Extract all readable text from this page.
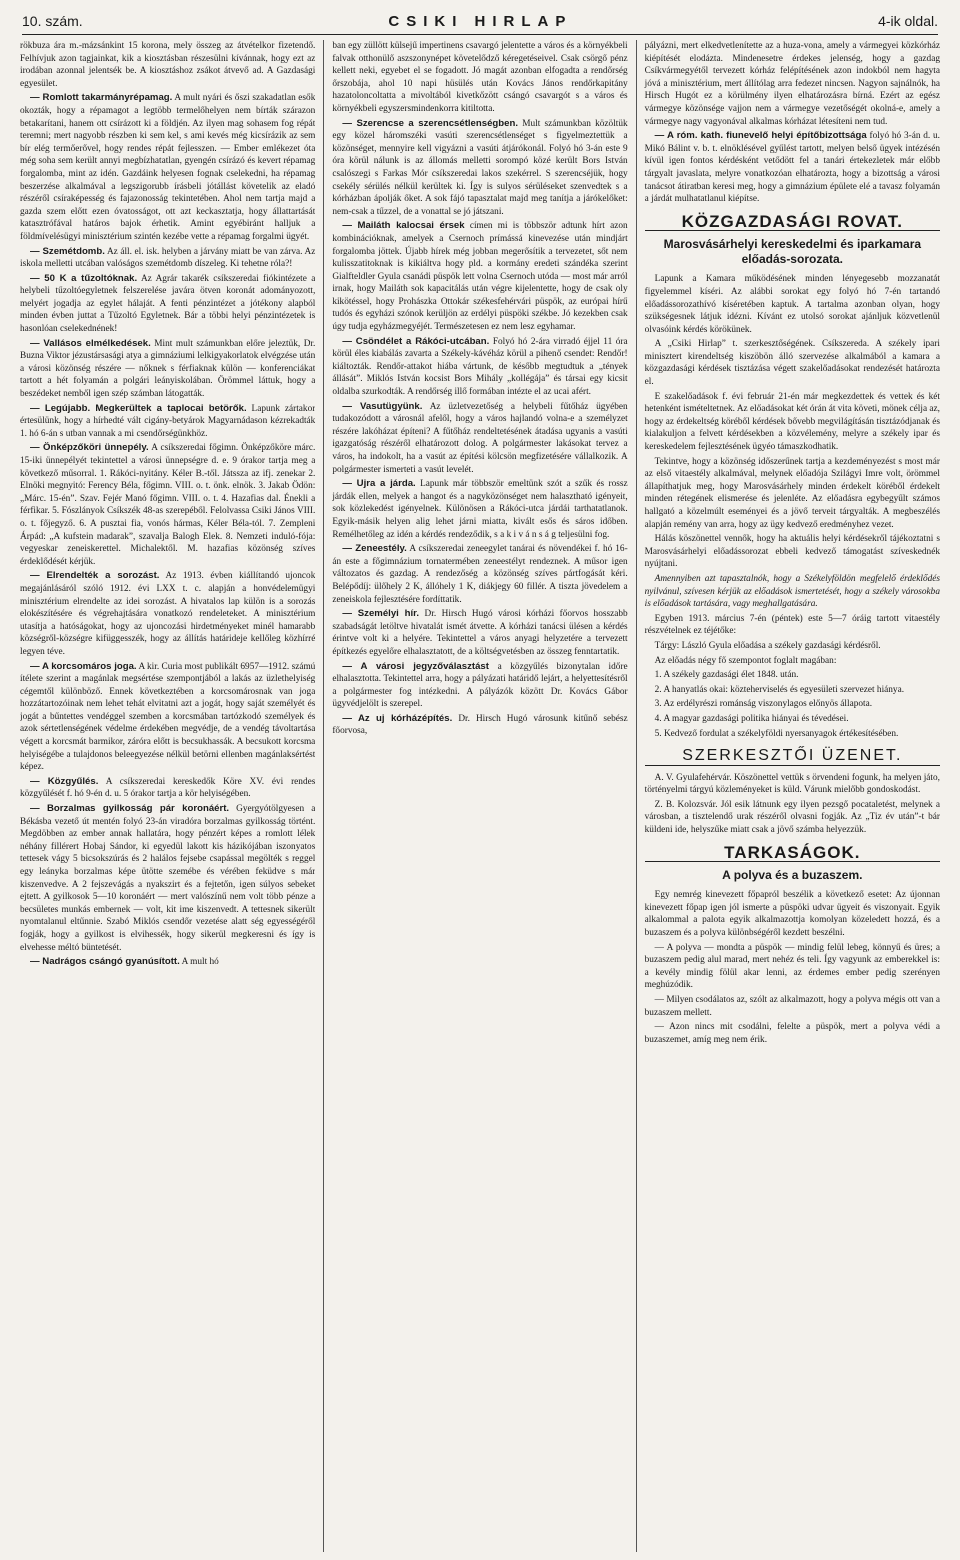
10. szám.	CSIKI HIRLAP	4-ik oldal.

rökbuza ára m.-mázsánkint 15 korona, mely összeg az átvételkor fizetendő. Felhívjuk azon tagjainkat, kik a kiosztásban részesülni kívánnak, hogy ezt az irodában azonnal jelentsék be. A kiosztáshoz zsákot átvevő ad. A Gazdasági egyesület.

— Romlott takarmányrépamag. A mult nyári és őszi szakadatlan esők okozták, hogy a répamagot a legtöbb termelőhelyen nem bírták szárazon betakarítani, hanem ott csírázott ki a földjén. Az ilyen mag sohasem fog répát teremni; mert nagyobb részben ki sem kel, s ami kevés még kicsírázik az sem bír elég termőerővel, hogy rendes répát fejlesszen. — Ember emlékezet óta még soha sem került annyi megbízhatatlan, gyengén csírázó és kevert répamag forgalomba, mint az idén. Gazdáink helyesen fognak cselekedni, ha répamag beszerzése alkalmával a legszigorubb írásbeli jótállást követelik az eladó részéről csíraképesség és fajazonosság tekintetében. Ahol nem tartja majd a gazda szem előtt ezen óvatosságot, ott azt keckasztatja, hogy állattartását katasztrófával határos bajok érhetik. Amint egyébiránt halljuk a földmívelésügyi minisztérium szintén kezébe vette a répamag forgalmi ügyét.

— Szemétdomb. Az áll. el. isk. helyben a járvány miatt be van zárva. Az iskola melletti utcában valóságos szemétdomb díszeleg. Ki tehetne róla?!

— 50 K a tűzoltóknak. Az Agrár takarék csíkszeredai fiókintézete a helybeli tűzoltóegyletnek felszerelése javára ötven koronát adományozott, melyért jogadja az egylet hálaját. A fenti pénzintézet a jótékony alapból minden évben juttat a Tűzoltó Egyletnek. Bár a többi helyi pénzintézetek is hasonlóan cselekednének!

— Vallásos elmélkedések. Mint mult számunkban előre jeleztük, Dr. Buzna Viktor jézustársasági atya a gimnáziumi lelkigyakorlatok elvégzése után a városi közönség részére — nőknek s férfiaknak külön — konferenciákat tartott a hét folyamán a polgári leányiskolában. Örömmel láttuk, hogy a beszédeket nemből igen szép számban látogatták.

— Legújabb. Megkerültek a taplocai betörők. Lapunk zártakor értesülünk, hogy a hírhedté vált cigány-betyárok Magyarnádason kézrekadták 1. hó 6-án s utban vannak a mi csendőrségünkhöz.

— Önképzőköri ünnepély. A csíkszeredai főgimn. Önképzőköre márc. 15-iki ünnepélyét tekintettel a városi ünnepségre d. e. 9 órakor tartja meg a következő műsorral. 1. Rákóci-nyitány. Kéler B.-től. Játssza az ifj. zenekar 2. Elnöki megnyitó: Ferency Béla, főgimn. VIII. o. t. önk. elnök. 3. Jakab Ödön: „Márc. 15-én”. Szav. Fejér Manó főgimn. VIII. o. t. 4. Hazafias dal. Énekli a férfikar. 5. Fószlányok Csíkszék 48-as szerepéből. Felolvassa Csiki János VIII. o. t. főjegyző. 6. A pusztai fia, vonós hármas, Kéler Béla-tól. 7. Zempleni Árpád: „A kufstein madarak”, szavalja Balogh Elek. 8. Nemzeti induló-fója: vegyeskar zeneiskerettel. Michalektől. M. hazafias közönség szíves érdeklődését kérjük.

— Elrendelték a sorozást. Az 1913. évben kiállítandó ujoncok megajánlásáról szóló 1912. évi LXX t. c. alapján a honvédelemügyi minisztérium elrendelte az idei sorozást. A hivatalos lap külön is a sorozás elokészítésére és végrehajtására vonatkozó rendeleteket. A minisztérium utasítja a hatóságokat, hogy az ujoncozási hirdetményeket minél hamarabb községről-községre kifüggesszék, hogy az állítás határideje kellőleg közhírré legyen téve.

— A korcsomáros joga. A kir. Curia most publikált 6957—1912. számú ítélete szerint a magánlak megsértése szempontjából a lakás az üzlethelyiség cégemtől különböző. Ennek következtében a korcsomárosnak van joga hozzátartozóinak nem lehet tehát elvitatni azt a jogát, hogy saját személyét és jogát a bűntettes vendéggel szemben a korcsmában tartózkodó személyek és azok sértetlenségének védelme érdekében megvédje, de a vendég távoltartása végett a korcsmát barmikor, záróra előtt is becsukhassák. A becsukott korcsma helyiségébe a tulajdonos beleegyezése nélkül betörni ellenben magánlaksértést képez.

— Közgyűlés. A csíkszeredai kereskedők Köre XV. évi rendes közgyűlését f. hó 9-én d. u. 5 órakor tartja a kör helyiségében.

— Borzalmas gyilkosság pár koronáért. Gyergyótölgyesen a Békásba vezető út mentén folyó 23-án viradóra borzalmas gyilkosság történt. Megdöbben az ember annak hallatára, hogy pénzért képes a romlott lélek néhány fillérert Hobaj Sándor, ki egyedül lakott kis házikójában iszonyatos tettesek vágy 5 bicsokszúrás és 2 halálos fejsebe csapással megölték s reggel egy leányka borzalmas képe ütötte szemébe és vérében feküdve s már kiszenvedve. A 2 fejszevágás a nyakszirt és a fejtetőn, igen súlyos sebeket ejtett. A gyilkosok 5—10 koronáért — mert valószínű nem volt több pénze a becsületes munkás embernek — volt, kit ime kiszenvedt. A tettesnek sikerült nyomtalanul eltűnnie. Szabó Miklós csendőr vezetése alatt ség egyességéről fogják, hogy a gyilkost is elvihessék, hogy sikerül megkeresni és így is elvehesse méltó büntetését.

— Nadrágos csángó gyanúsított. A mult hó

ban egy züllött külsejű impertinens csavargó jelentette a város és a környékbeli falvak otthonülő aszszonynépet követelődző kéregetéseivel. Csak csörgő pénz kellett neki, egyebet el se fogadott. Jó magát azonban elfogadta a rendőrség őrszobája, ahol 10 napi hüsülés után Kovács János rendőrkapitány hazatoloncoltatta a mivoltából kivetkőzött csángó csavargót s a város és környékbeli egyszersmindenkorra kitiltotta.

— Szerencse a szerencsétlenségben. Mult számunkban közöltük egy közel háromszéki vasúti szerencsétlenséget s figyelmeztettük a közönséget, mennyire kell vigyázni a vasúti átjárókonál. Folyó hó 3-án este 9 óra körül nálunk is az állomás melletti sorompó közé került Bors István csalószegi s Farkas Mór csíkszeredai lakos szekérrel. S szerencséjük, hogy csekély sérülés nélkül kerültek ki. Így is sulyos sérüléseket szenvedtek s a kórházban ápolják őket. A sok fájó tapasztalat majd meg tanítja a járókelőket: nem-csak a tűzzel, de a vonattal se jó játszani.

— Mailáth kalocsai érsek címen mi is többször adtunk hírt azon kombinációknak, amelyek a Csernoch prímássá kinevezése után mindjárt forgalomba jöttek. Újabb hírek még jobban megerősítik a tervezetet, sőt nem kulisszatitoknak is kikiáltva hogy pld. a kormány eredeti szándéka szerint Gialfteldler Gyula csanádi püspök lett volna Csernoch utóda — most már arról irnak, hogy Mailáth sok kapacitálás után végre kijelentette, hogy de csak oly kikötéssel, hogy Prohászka Ottokár székesfehérvári püspök, az európai hírű tudós és egyházi szónok kerüljön az erdélyi püspöki székbe. Jó kezekben csak úgy tudja egyházmegyéjét. Természetesen ez nem lesz egyhamar.

— Csöndélet a Rákóci-utcában. Folyó hó 2-ára virradó éjjel 11 óra körül éles kiabálás zavarta a Székely-kávéház körül a pihenő csendet: Rendőr! kiáltozták. Rendőr-attakot hiába vártunk, de később megtudtuk a „tények állását”. Miklós István kocsist Bors Mihály „kollégája” és társai egy kicsit oldalba szurkodták. A rendőrség illő formában intézte el az ucai afért.

— Vasutügyünk. Az üzletvezetőség a helybeli fűtőház ügyében tudakozódott a városnál afelől, hogy a város hajlandó volna-e a személyzet részére lakóházat építeni? A fűtőház rendeltetésének átadása ugyanis a vasúti igazgatóság részéről elhatározott dolog. A polgármester lakásokat tervez a város, ha indokolt, ha a vasút az építési kölcsön megfizetésére vállalkozik. A polgármester ismerteti a vasút levelét.

— Ujra a járda. Lapunk már többször emeltünk szót a szűk és rossz járdák ellen, melyek a hangot és a nagyközönséget nem halasztható igényeit, sok közlekedést igényelnek. Különösen a Rákóci-utca járdái tarthatatlanok. Egyik-másik helyen alig lehet járni miatta, kivált esős és sáros időben. Remélhetőleg az idén a kérdés rendeződik, s a k i v á n s á g teljesülni fog.

— Zeneestély. A csíkszeredai zeneegylet tanárai és növendékei f. hó 16-án este a főgimnázium tornatermében zeneestélyt rendeznek. A műsor igen változatos és gazdag. A rendezőség a közönség szíves pártfogását kéri. Belépődíj: ülőhely 2 K, állóhely 1 K, diákjegy 60 fillér. A tiszta jövedelem a zeneiskola fejlesztésére fordíttatik.

— Személyi hír. Dr. Hirsch Hugó városi kórházi főorvos hosszabb szabadságát letöltve hivatalát ismét átvette. A kórházi tanácsi ülésen a kérdés érintve volt ki a helyére. Tekintettel a város anyagi helyzetére a tervezett építkezés egyelőre elhalasztatott, de a költségvetésben az összeg fenntartatik.

— A városi jegyzőválasztást a közgyűlés bizonytalan időre elhalasztotta. Tekintettel arra, hogy a pályázati határidő lejárt, a helyettesítésről a polgármester fog intézkedni. A pályázók között Dr. Kovács Gábor ügyvédjelölt is szerepel.

— Az uj kórházépítés. Dr. Hirsch Hugó városunk kitűnő sebész főorvosa,

pályázni, mert elkedvetlenítette az a huza-vona, amely a vármegyei közkórház kiépítését elodázta. Mindenesetre érdekes jelenség, hogy a gazdag Csíkvármegyétől tervezett kórház felépítésének azon indokból nem hagyta jóvá a minisztérium, mert állítólag arra fedezet nincsen. Nagyon sajnálnók, ha Hirsch Hugót ez a körülmény ilyen elhatározásra bírná. Ezért az egész vármegye közönsége vajjon nem a vármegye vezetőségét okolná-e, amely a vármegye nagy vagyonával alkalmas kórházat létesíteni nem tud.

— A róm. kath. fiunevelő helyi építőbizottsága folyó hó 3-án d. u. Mikó Bálint v. b. t. elnöklésével gyűlést tartott, melyen belső ügyek intézésén kívül igen fontos kérdésként vetődött fel a tanári értekezletek már előbb tárgyalt javaslata, melyre vonatkozóan elhatározta, hogy a bizottság a városi tanácsot átiratban keresi meg, hogy a gimnázium épülete elé a tavasz folyamán a járdát mulhatatlanul kiépítse.

KÖZGAZDASÁGI ROVAT.
Marosvásárhelyi kereskedelmi és iparkamara előadás-sorozata.

Lapunk a Kamara működésének minden lényegesebb mozzanatát figyelemmel kíséri. Az alábbi sorokat egy folyó hó 7-én tartandó előadássorozathívó kíséretében kaptuk. A tartalma azonban olyan, hogy szükségesnek látjuk idézni. Kívánt ez utolsó sorokat ajánljuk közvetlenül olvasóink kérdés körökünek.

A „Csiki Hirlap” t. szerkesztőségének. Csíkszereda. A székely ipari minisztert kirendeltség kiszöbön álló szervezése alkalmából a kamara a közgazdasági kérdések tisztázása végett szakelőadásokat rendezését határozta el.

E szakelőadások f. évi február 21-én már megkezdettek és vettek és két hetenként ismételtetnek. Az előadásokat két órán át vita követi, mönek célja az, hogy az érdekeltség köréből kérdések bővebb megvilágításán tisztázódjanak és kialakuljon a felvett kérdésekben a közvélemény, melyre a székely ipar és kereskedelem fejlesztésének ügyéo támaszkodhatik.

Tekintve, hogy a közönség időszerűnek tartja a kezdeményezést s most már az első vitaestély alkalmával, melynek előadója Szilágyi Imre volt, örömmel állapíthatjuk meg, hogy Marosvásárhely minden érdekelt köréből érdekelt minden rétegének elismerése és jelenléte. Az előadásra egybegyűlt számos hallgató a közelmúlt eseményei és a jövő terveit tárgyalták. A megbeszélés alapján remény van arra, hogy az ügy kedvező eredményhez vezet.

Hálás köszönettel vennők, hogy ha aktuális helyi kérdésekről tájékoztatni s Marosvásárhelyi előadássorozat ebbeli kedvező támogatást szíveskednék nyújtani.

Amennyiben azt tapasztalnók, hogy a Székelyföldön megfelelő érdeklődés nyilvánul, szívesen kérjük az előadások ismertetését, hogy a székely városokba is előadások tartására, vagy meghallgatására.

Egyben 1913. március 7-én (péntek) este 5—7 óráig tartott vitaestély részvételnek ez téjétőke:

Tárgy: László Gyula előadása a székely gazdasági kérdésről.

Az előadás négy fő szempontot foglalt magában:

1. A székely gazdasági élet 1848. után.

2. A hanyatlás okai: közteherviselés és egyesületi szervezet hiánya.

3. Az erdélyrészi románság viszonylagos előnyös állapota.

4. A magyar gazdasági politika hiányai és tévedései.

5. Kedvező fordulat a székelyföldi nyersanyagok értékesítésében.

SZERKESZTŐI ÜZENET.

A. V. Gyulafehérvár. Köszönettel vettük s örvendeni fogunk, ha melyen játo, történyelmi tárgyú közleményeket is küld. Várunk mielőbb gondoskodást.

Z. B. Kolozsvár. Jól esik látnunk egy ilyen pezsgő pocataletést, melynek a városban, a tisztelendő urak részéről olvasni fogják. Az „Tiz év után”-t bár küldeni ide, helyszűke miatt csak a jövő számba helyezzük.

TARKASÁGOK.
A polyva és a buzaszem.

Egy nemrég kinevezett főpapról beszélik a következő esetet: Az újonnan kinevezett főpap igen jól ismerte a püspöki udvar ügyeit és viszonyait. Egyik alkalommal a palota egyik alkalmazottja komolyan közeledett hozzá, és a buzaszem és a polyva különbségéről kezdett beszélni.

— A polyva — mondta a püspök — mindig felül lebeg, könnyű és üres; a buzaszem pedig alul marad, mert nehéz és teli. Így vagyunk az emberekkel is: a kevély mindig fölül akar lenni, az érdemes ember pedig szerényen meghúzódik.

— Milyen csodálatos az, szólt az alkalmazott, hogy a polyva mégis ott van a buzaszem mellett.

— Azon nincs mit csodálni, felelte a püspök, mert a polyva védi a buzaszemet, amíg meg nem érik.
